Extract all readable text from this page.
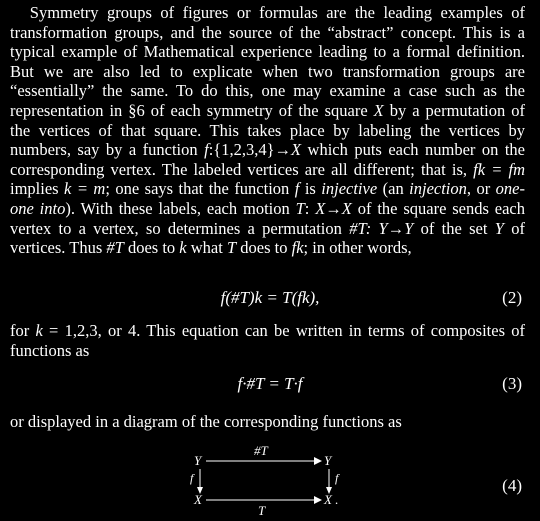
Symmetry groups of figures or formulas are the leading examples of transformation groups, and the source of the “abstract” concept. This is a typical example of Mathematical experience leading to a formal definition. But we are also led to explicate when two transformation groups are “essentially” the same. To do this, one may examine a case such as the representation in §6 of each symmetry of the square X by a permutation of the vertices of that square. This takes place by labeling the vertices by numbers, say by a function f:{1,2,3,4}→X which puts each number on the corresponding vertex. The labeled vertices are all different; that is, fk = fm implies k = m; one says that the function f is injective (an injection, or one-one into). With these labels, each motion T: X→X of the square sends each vertex to a vertex, so determines a permutation #T: Y→Y of the set Y of vertices. Thus #T does to k what T does to fk; in other words,

f(#T)k = T(fk),	(2)

for k = 1,2,3, or 4. This equation can be written in terms of composites of functions as

f·#T = T·f	(3)

or displayed in a diagram of the corresponding functions as

#T
Y	Y
f	f
X	X .
T
(4)
